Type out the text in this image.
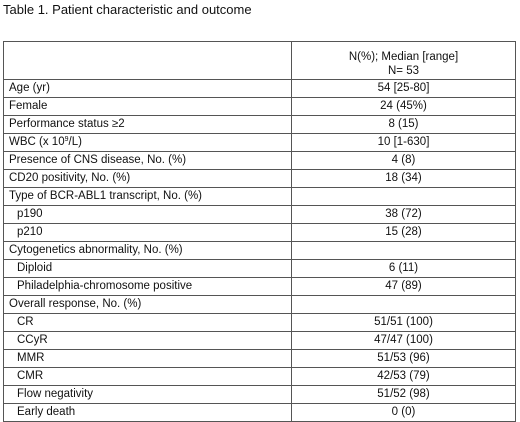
Table 1. Patient characteristic and outcome

	N(%); Median [range]
N= 53

Age (yr)	54 [25-80]
Female	24 (45%)
Performance status ≥2	8 (15)
WBC (x $10^9/L$)	10 [1-630]
Presence of CNS disease, No. (%)	4 (8)
CD20 positivity, No. (%)	18 (34)
Type of BCR-ABL1 transcript, No. (%)	
p190	38 (72)
p210	15 (28)
Cytogenetics abnormality, No. (%)	
Diploid	6 (11)
Philadelphia-chromosome positive	47 (89)
Overall response, No. (%)	
CR	51/51 (100)
CCyR	47/47 (100)
MMR	51/53 (96)
CMR	42/53 (79)
Flow negativity	51/52 (98)
Early death	0 (0)
